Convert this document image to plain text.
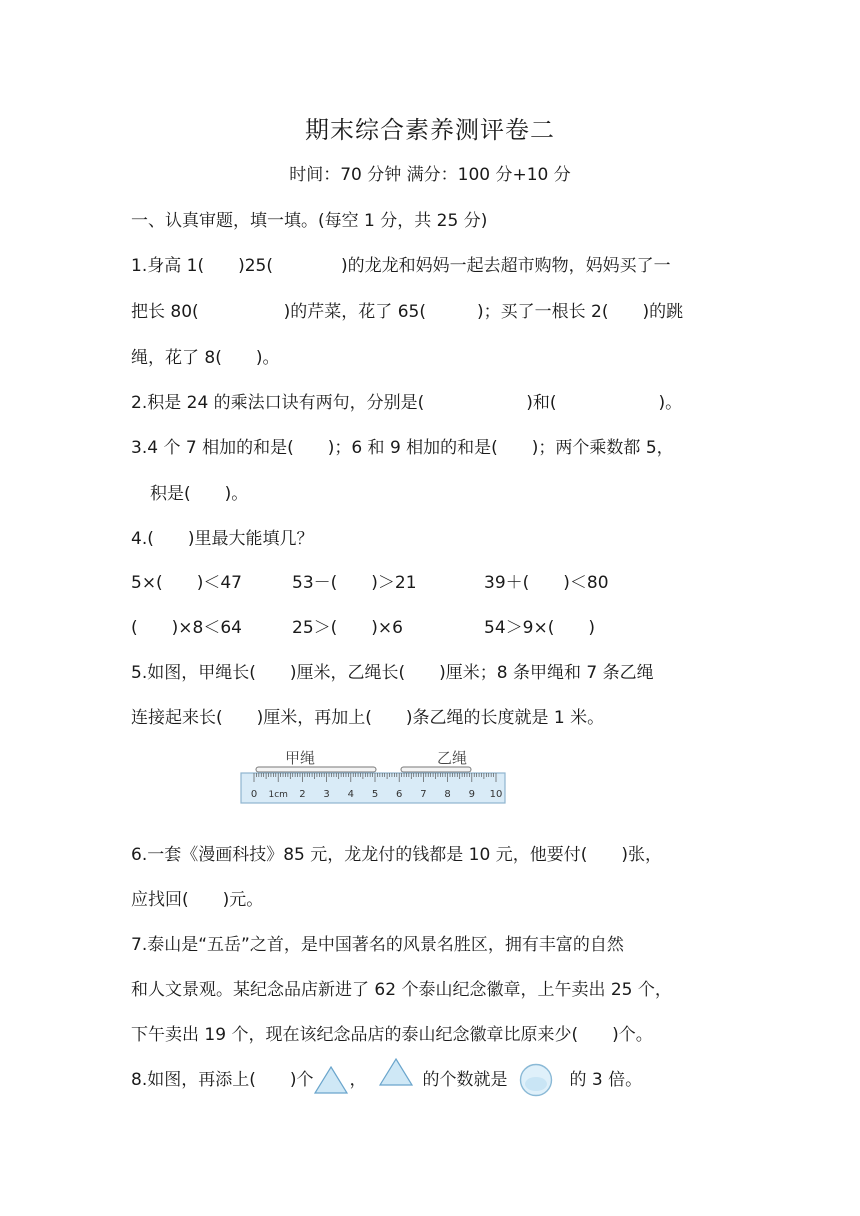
期末综合素养测评卷二
时间：70 分钟 满分：100 分+10 分
一、认真审题，填一填。(每空 1 分，共 25 分)
1.身高 1(　　)25(　　　　)的龙龙和妈妈一起去超市购物，妈妈买了一
把长 80(　　　　　)的芹菜，花了 65(　　　)；买了一根长 2(　　)的跳
绳，花了 8(　　)。
2.积是 24 的乘法口诀有两句，分别是(　　　　　　)和(　　　　　　)。
3.4 个 7 相加的和是(　　)；6 和 9 相加的和是(　　)；两个乘数都 5，
积是(　　)。
4.(　　)里最大能填几？
5×(　　)＜47	53－(　　)＞21	39＋(　　)＜80
(　　)×8＜64	25＞(　　)×6	54＞9×(　　)
5.如图，甲绳长(　　)厘米，乙绳长(　　)厘米；8 条甲绳和 7 条乙绳
连接起来长(　　)厘米，再加上(　　)条乙绳的长度就是 1 米。
甲绳	乙绳
0 1cm 2 3 4 5 6 7 8 9 10
6.一套《漫画科技》85 元，龙龙付的钱都是 10 元，他要付(　　)张，
应找回(　　)元。
7.泰山是“五岳”之首，是中国著名的风景名胜区，拥有丰富的自然
和人文景观。某纪念品店新进了 62 个泰山纪念徽章，上午卖出 25 个，
下午卖出 19 个，现在该纪念品店的泰山纪念徽章比原来少(　　)个。
8.如图，再添上(　　)个 ，	的个数就是	的 3 倍。
